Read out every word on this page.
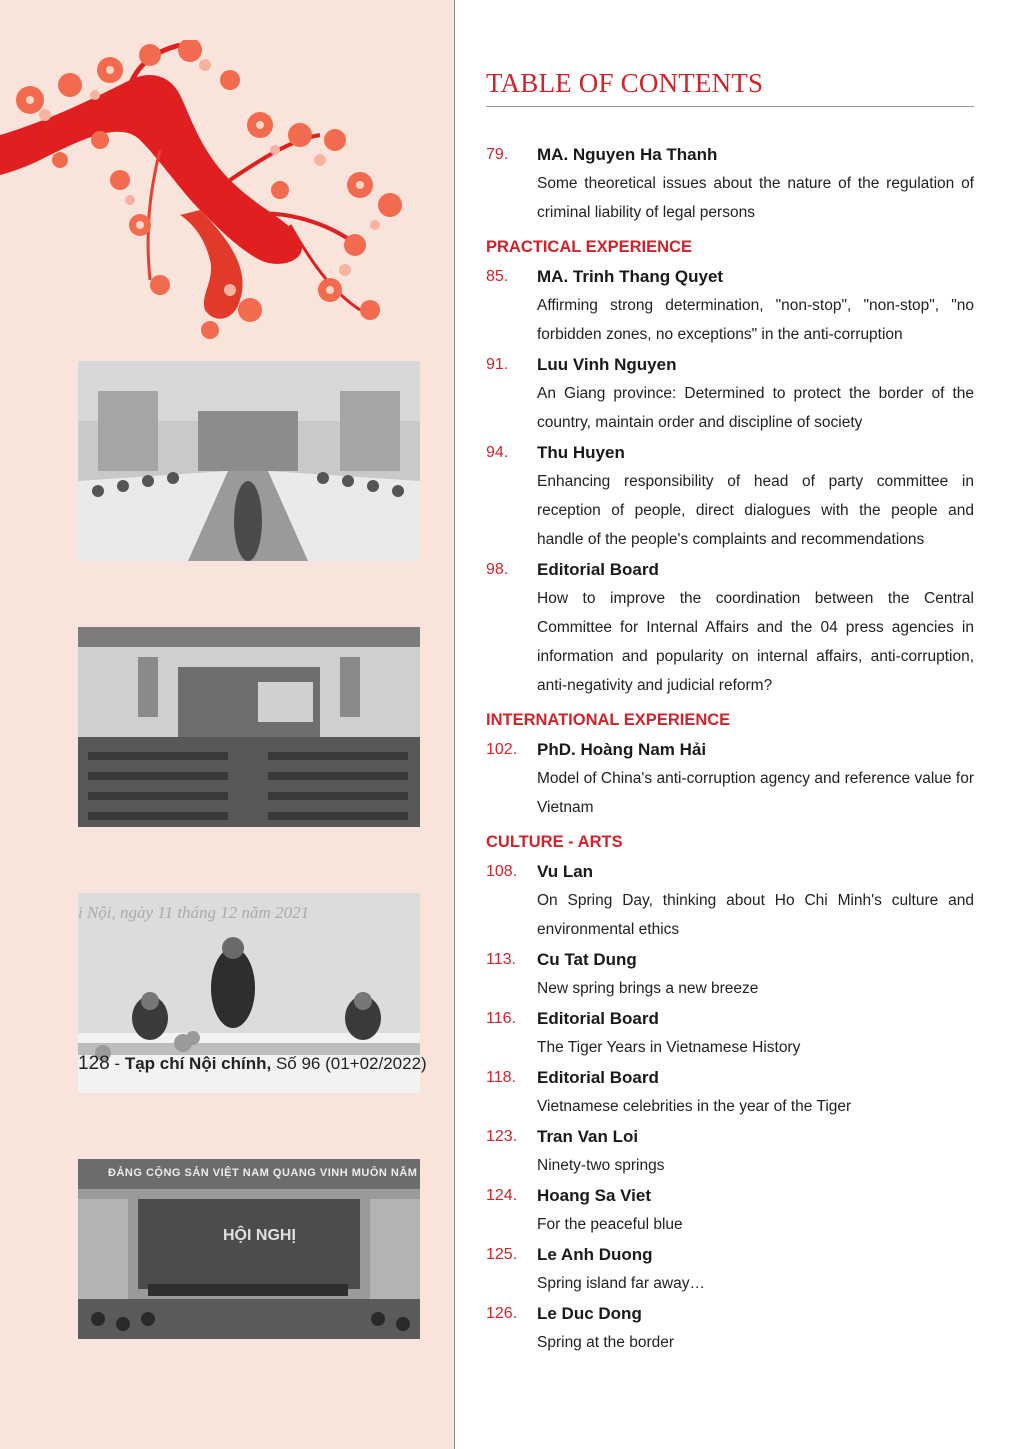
i Nội, ngày 11 tháng 12 năm 2021
ĐẢNG CỘNG SẢN VIỆT NAM QUANG VINH MUÔN NĂM
HỘI NGHỊ
128 - Tạp chí Nội chính, Số 96 (01+02/2022)
TABLE OF CONTENTS
79.	MA. Nguyen Ha Thanh
Some theoretical issues about the nature of the regulation of criminal liability of legal persons
PRACTICAL EXPERIENCE
85.	MA. Trinh Thang Quyet
Affirming strong determination, "non-stop", "non-stop", "no forbidden zones, no exceptions" in the anti-corruption
91.	Luu Vinh Nguyen
An Giang province: Determined to protect the border of the country, maintain order and discipline of society
94.	Thu Huyen
Enhancing responsibility of head of party committee in reception of people, direct dialogues with the people and handle of the people's complaints and recommendations
98.	Editorial Board
How to improve the coordination between the Central Committee for Internal Affairs and the 04 press agencies in information and popularity on internal affairs, anti-corruption, anti-negativity and judicial reform?
INTERNATIONAL EXPERIENCE
102.	PhD. Hoàng Nam Hải
Model of China's anti-corruption agency and reference value for Vietnam
CULTURE - ARTS
108.	Vu Lan
On Spring Day, thinking about Ho Chi Minh's culture and environmental ethics
113.	Cu Tat Dung
New spring brings a new breeze
116.	Editorial Board
The Tiger Years in Vietnamese History
118.	Editorial Board
Vietnamese celebrities in the year of the Tiger
123.	Tran Van Loi
Ninety-two springs
124.	Hoang Sa Viet
For the peaceful blue
125.	Le Anh Duong
Spring island far away…
126.	Le Duc Dong
Spring at the border
